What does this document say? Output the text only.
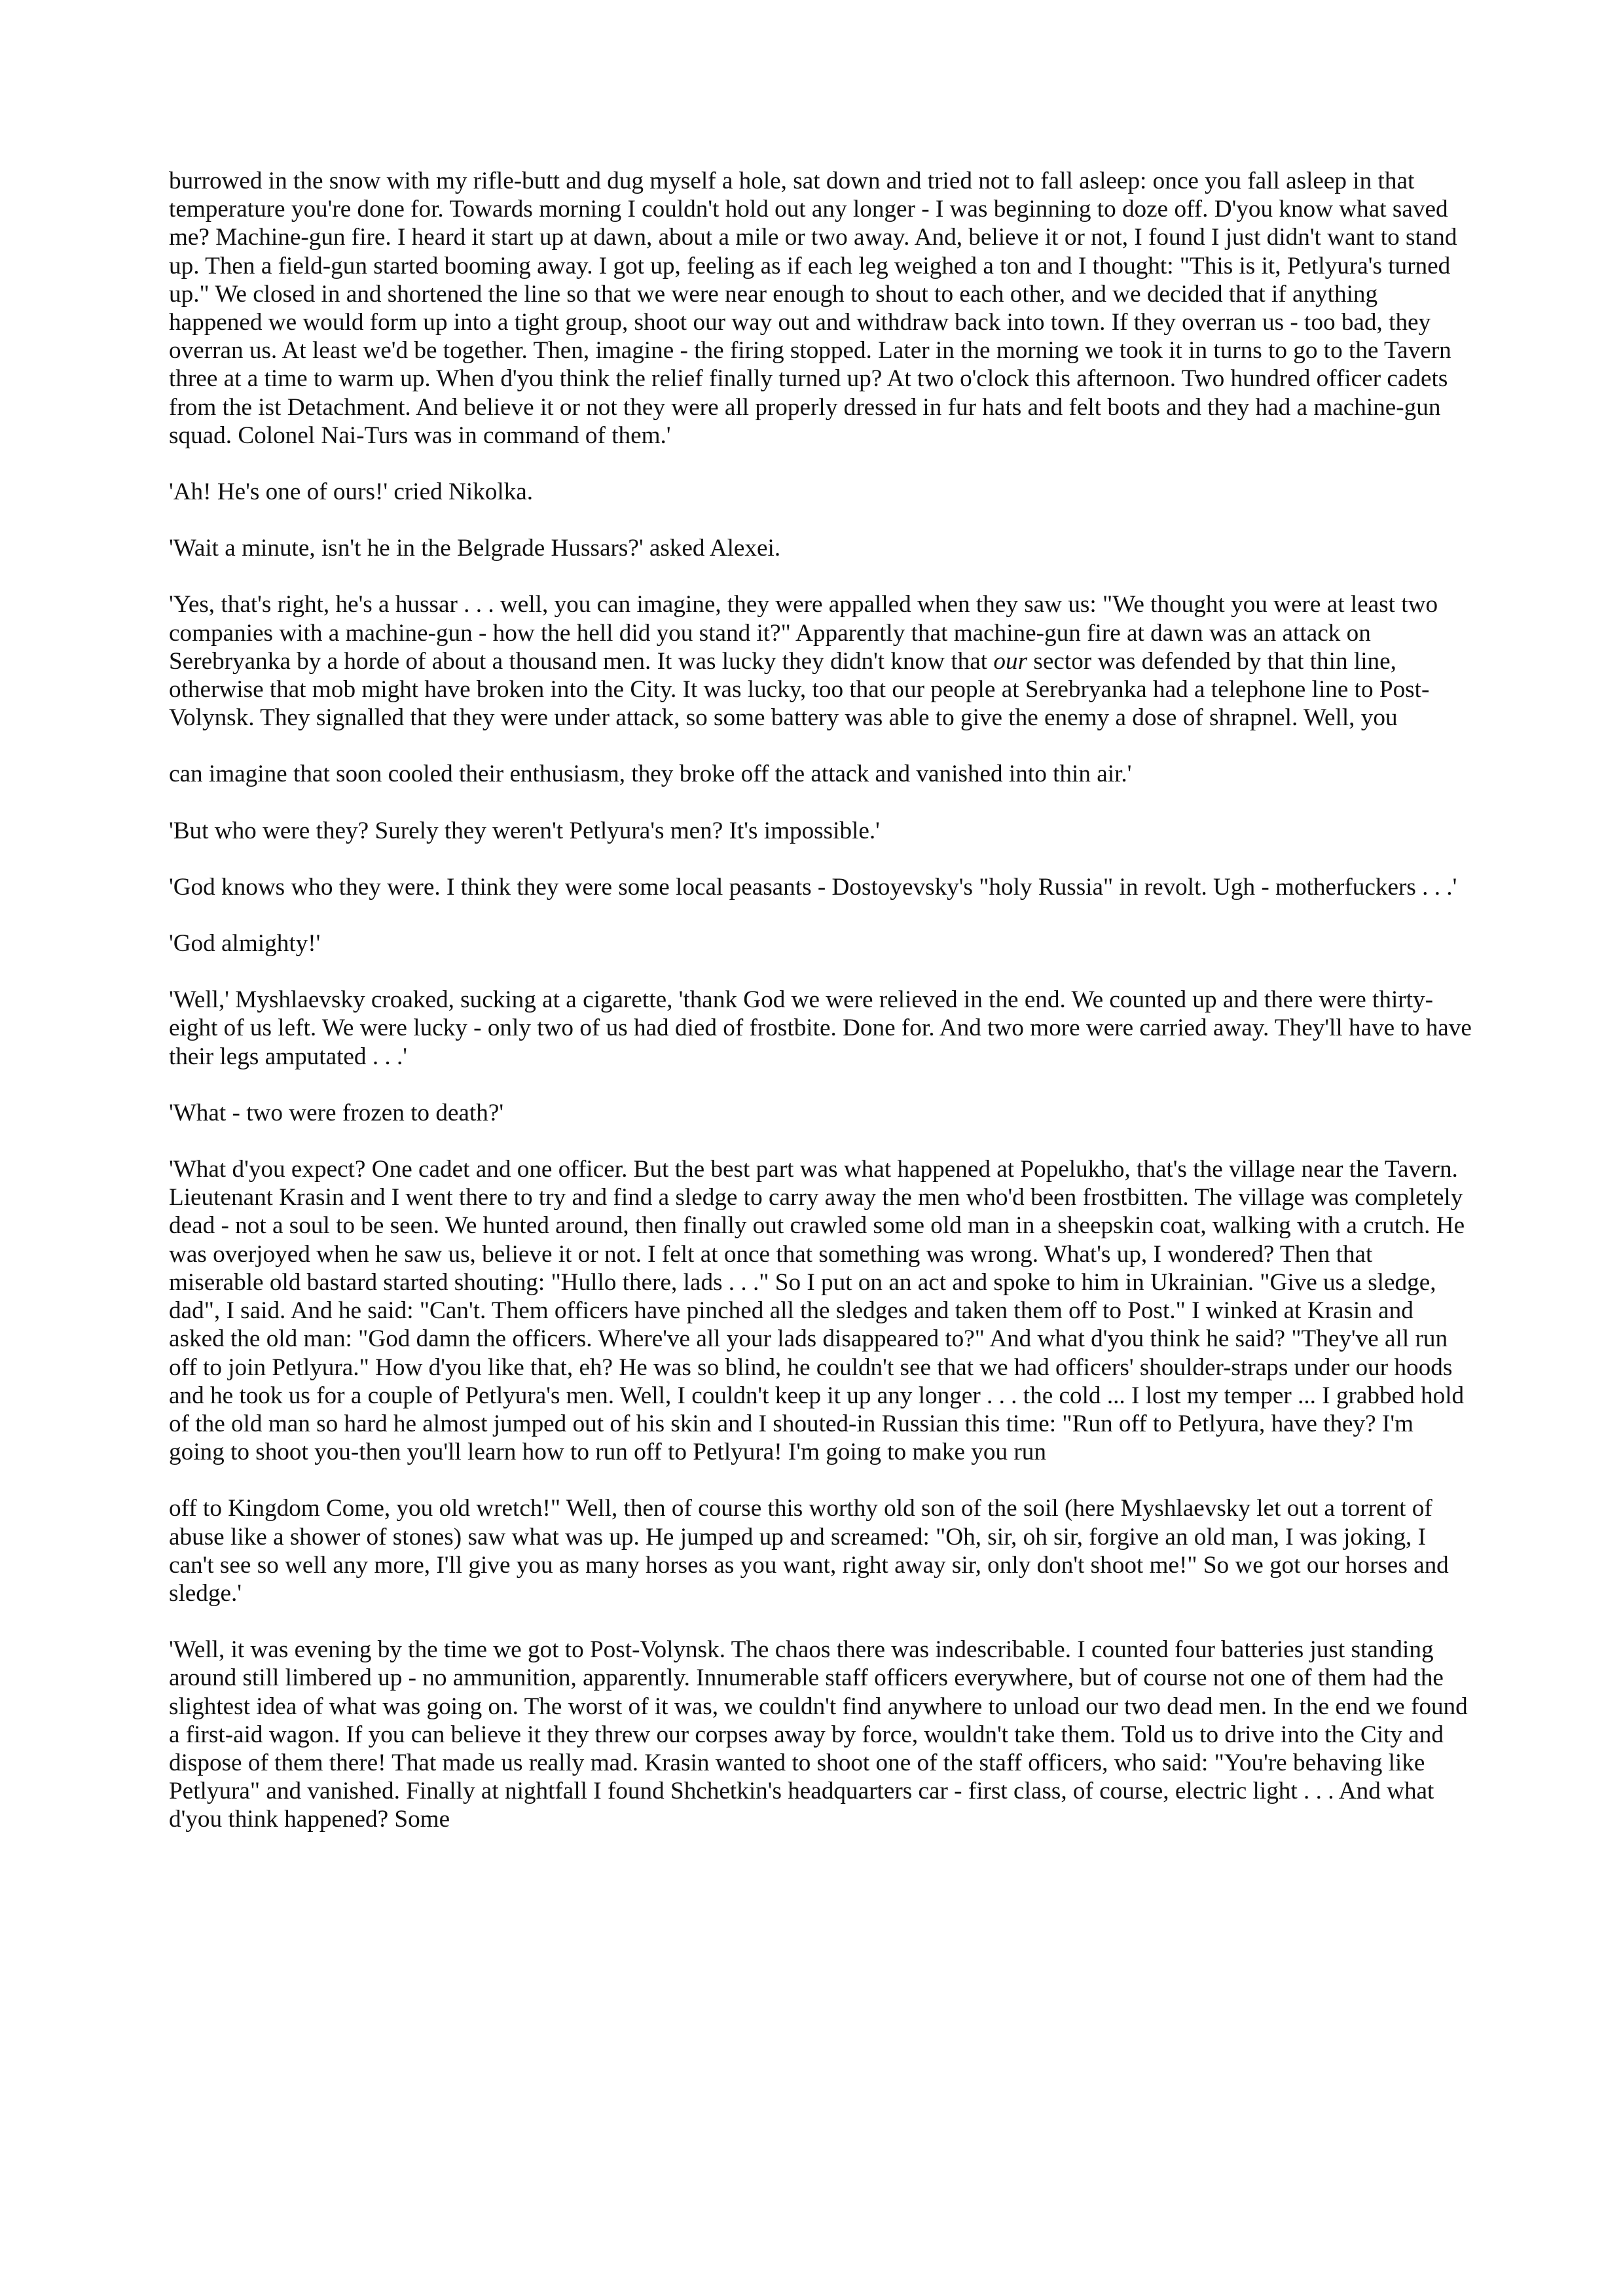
burrowed in the snow with my rifle-butt and dug myself a hole, sat down and tried not to fall asleep: once you fall asleep in that temperature you're done for. Towards morning I couldn't hold out any longer - I was beginning to doze off. D'you know what saved me? Machine-gun fire. I heard it start up at dawn, about a mile or two away. And, believe it or not, I found I just didn't want to stand up. Then a field-gun started booming away. I got up, feeling as if each leg weighed a ton and I thought: "This is it, Petlyura's turned up." We closed in and shortened the line so that we were near enough to shout to each other, and we decided that if anything happened we would form up into a tight group, shoot our way out and withdraw back into town. If they overran us - too bad, they overran us. At least we'd be together. Then, imagine - the firing stopped. Later in the morning we took it in turns to go to the Tavern three at a time to warm up. When d'you think the relief finally turned up? At two o'clock this afternoon. Two hundred officer cadets from the ist Detachment. And believe it or not they were all properly dressed in fur hats and felt boots and they had a machine-gun squad. Colonel Nai-Turs was in command of them.'

'Ah! He's one of ours!' cried Nikolka.

'Wait a minute, isn't he in the Belgrade Hussars?' asked Alexei.

'Yes, that's right, he's a hussar . . . well, you can imagine, they were appalled when they saw us: "We thought you were at least two companies with a machine-gun - how the hell did you stand it?" Apparently that machine-gun fire at dawn was an attack on Serebryanka by a horde of about a thousand men. It was lucky they didn't know that our sector was defended by that thin line, otherwise that mob might have broken into the City. It was lucky, too that our people at Serebryanka had a telephone line to Post-Volynsk. They signalled that they were under attack, so some battery was able to give the enemy a dose of shrapnel. Well, you

can imagine that soon cooled their enthusiasm, they broke off the attack and vanished into thin air.'

'But who were they? Surely they weren't Petlyura's men? It's impossible.'

'God knows who they were. I think they were some local peasants - Dostoyevsky's "holy Russia" in revolt. Ugh - motherfuckers . . .'

'God almighty!'

'Well,' Myshlaevsky croaked, sucking at a cigarette, 'thank God we were relieved in the end. We counted up and there were thirty-eight of us left. We were lucky - only two of us had died of frostbite. Done for. And two more were carried away. They'll have to have their legs amputated . . .'

'What - two were frozen to death?'

'What d'you expect? One cadet and one officer. But the best part was what happened at Popelukho, that's the village near the Tavern. Lieutenant Krasin and I went there to try and find a sledge to carry away the men who'd been frostbitten. The village was completely dead - not a soul to be seen. We hunted around, then finally out crawled some old man in a sheepskin coat, walking with a crutch. He was overjoyed when he saw us, believe it or not. I felt at once that something was wrong. What's up, I wondered? Then that miserable old bastard started shouting: "Hullo there, lads . . ." So I put on an act and spoke to him in Ukrainian. "Give us a sledge, dad", I said. And he said: "Can't. Them officers have pinched all the sledges and taken them off to Post." I winked at Krasin and asked the old man: "God damn the officers. Where've all your lads disappeared to?" And what d'you think he said? "They've all run off to join Petlyura." How d'you like that, eh? He was so blind, he couldn't see that we had officers' shoulder-straps under our hoods and he took us for a couple of Petlyura's men. Well, I couldn't keep it up any longer . . . the cold ... I lost my temper ... I grabbed hold of the old man so hard he almost jumped out of his skin and I shouted-in Russian this time: "Run off to Petlyura, have they? I'm going to shoot you-then you'll learn how to run off to Petlyura! I'm going to make you run

off to Kingdom Come, you old wretch!" Well, then of course this worthy old son of the soil (here Myshlaevsky let out a torrent of abuse like a shower of stones) saw what was up. He jumped up and screamed: "Oh, sir, oh sir, forgive an old man, I was joking, I can't see so well any more, I'll give you as many horses as you want, right away sir, only don't shoot me!" So we got our horses and sledge.'

'Well, it was evening by the time we got to Post-Volynsk. The chaos there was indescribable. I counted four batteries just standing around still limbered up - no ammunition, apparently. Innumerable staff officers everywhere, but of course not one of them had the slightest idea of what was going on. The worst of it was, we couldn't find anywhere to unload our two dead men. In the end we found a first-aid wagon. If you can believe it they threw our corpses away by force, wouldn't take them. Told us to drive into the City and dispose of them there! That made us really mad. Krasin wanted to shoot one of the staff officers, who said: "You're behaving like Petlyura" and vanished. Finally at nightfall I found Shchetkin's headquarters car - first class, of course, electric light . . . And what d'you think happened? Some
